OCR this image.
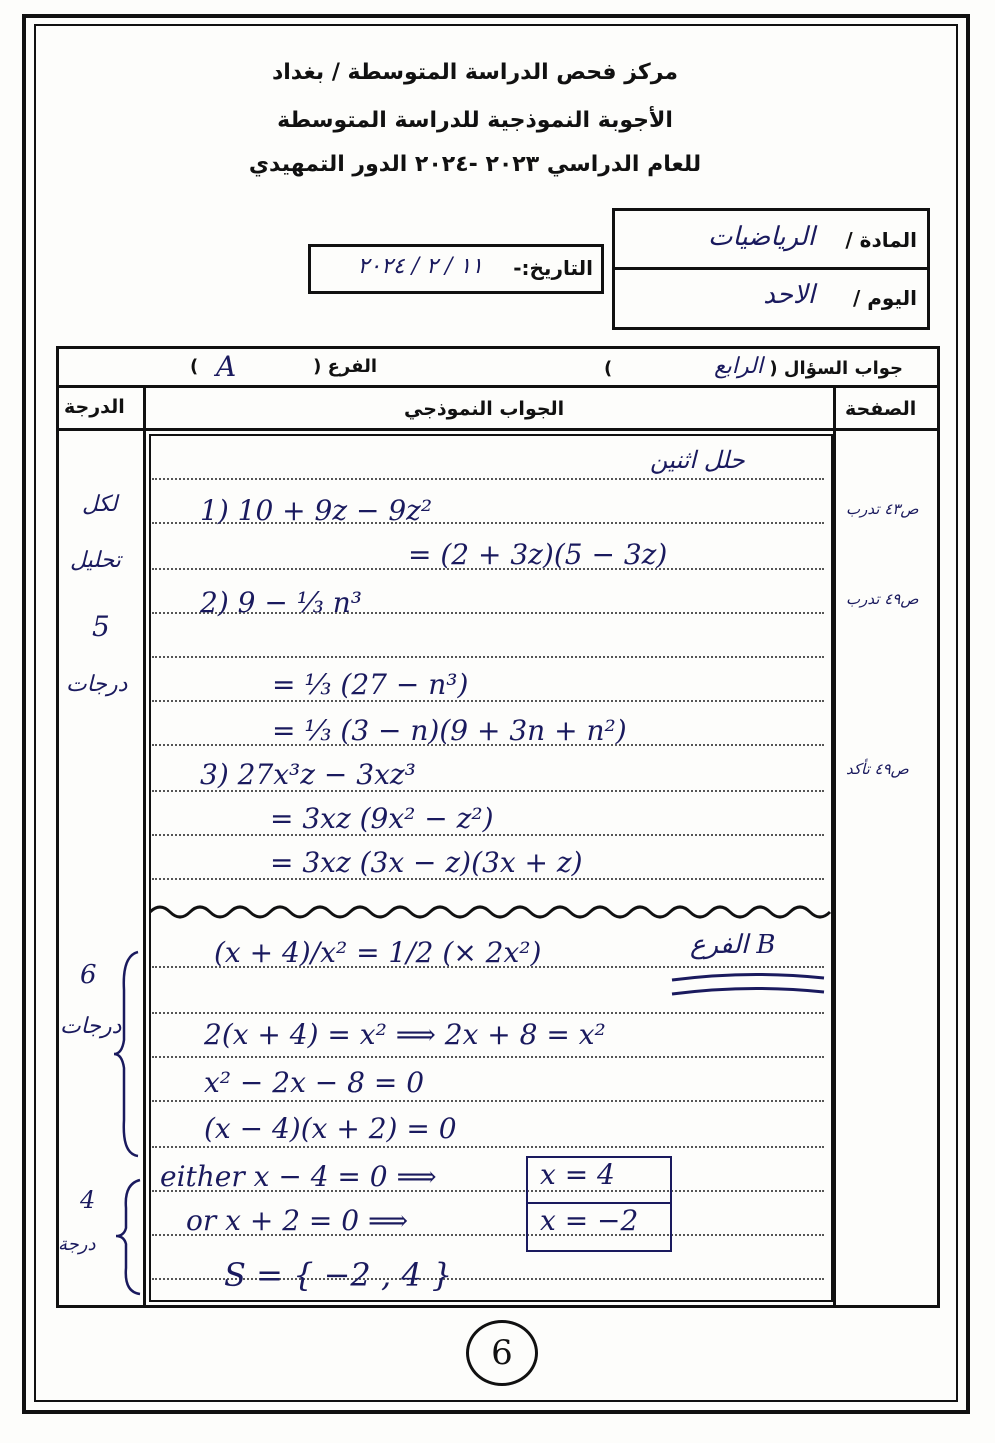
مركز فحص الدراسة المتوسطة / بغداد
الأجوبة النموذجية للدراسة المتوسطة
للعام الدراسي ٢٠٢٣ -٢٠٢٤ الدور التمهيدي
المادة /
الرياضيات
اليوم /
الاحد
التاريخ:-
١١ / ٢ / ٢٠٢٤
جواب السؤال (
الرابع
)
الفرع (
A
)
الصفحة
الجواب النموذجي
الدرجة
حلل اثنين
1) 10 + 9z − 9z²
= (2 + 3z)(5 − 3z)
2) 9 − ⅓ n³
= ⅓ (27 − n³)
= ⅓ (3 − n)(9 + 3n + n²)
3) 27x³z − 3xz³
= 3xz (9x² − z²)
= 3xz (3x − z)(3x + z)
ص٤٣ تدرب
ص٤٩ تدرب
ص٤٩ تأكد
لكل
تحليل
5
درجات
الفرع B
(x + 4)/x² = 1/2 (× 2x²)
2(x + 4) = x² ⟹ 2x + 8 = x²
x² − 2x − 8 = 0
(x − 4)(x + 2) = 0
either x − 4 = 0 ⟹
or x + 2 = 0 ⟹
S = { −2 , 4 }
x = 4
x = −2
6
درجات
4
درجة
6
